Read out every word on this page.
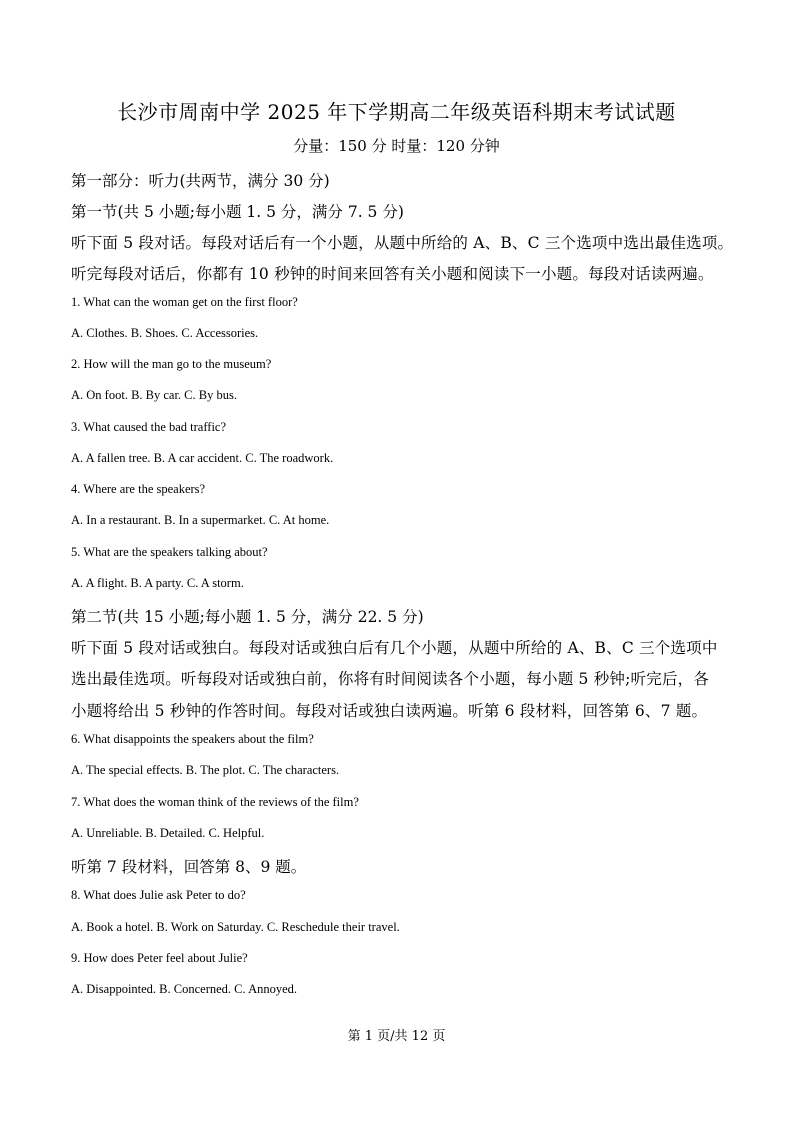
长沙市周南中学 2025 年下学期高二年级英语科期末考试试题
分量：150 分 时量：120 分钟
第一部分：听力(共两节，满分 30 分)
第一节(共 5 小题;每小题 1. 5 分，满分 7. 5 分)
听下面 5 段对话。每段对话后有一个小题，从题中所给的 A、B、C 三个选项中选出最佳选项。
听完每段对话后，你都有 10 秒钟的时间来回答有关小题和阅读下一小题。每段对话读两遍。
1. What can the woman get on the first floor?
A. Clothes. B. Shoes. C. Accessories.
2. How will the man go to the museum?
A. On foot. B. By car. C. By bus.
3. What caused the bad traffic?
A. A fallen tree. B. A car accident. C. The roadwork.
4. Where are the speakers?
A. In a restaurant. B. In a supermarket. C. At home.
5. What are the speakers talking about?
A. A flight. B. A party. C. A storm.
第二节(共 15 小题;每小题 1. 5 分，满分 22. 5 分)
听下面 5 段对话或独白。每段对话或独白后有几个小题，从题中所给的 A、B、C 三个选项中
选出最佳选项。听每段对话或独白前，你将有时间阅读各个小题，每小题 5 秒钟;听完后，各
小题将给出 5 秒钟的作答时间。每段对话或独白读两遍。听第 6 段材料，回答第 6、7 题。
6. What disappoints the speakers about the film?
A. The special effects. B. The plot. C. The characters.
7. What does the woman think of the reviews of the film?
A. Unreliable. B. Detailed. C. Helpful.
听第 7 段材料，回答第 8、9 题。
8. What does Julie ask Peter to do?
A. Book a hotel. B. Work on Saturday. C. Reschedule their travel.
9. How does Peter feel about Julie?
A. Disappointed. B. Concerned. C. Annoyed.
第 1 页/共 12 页
